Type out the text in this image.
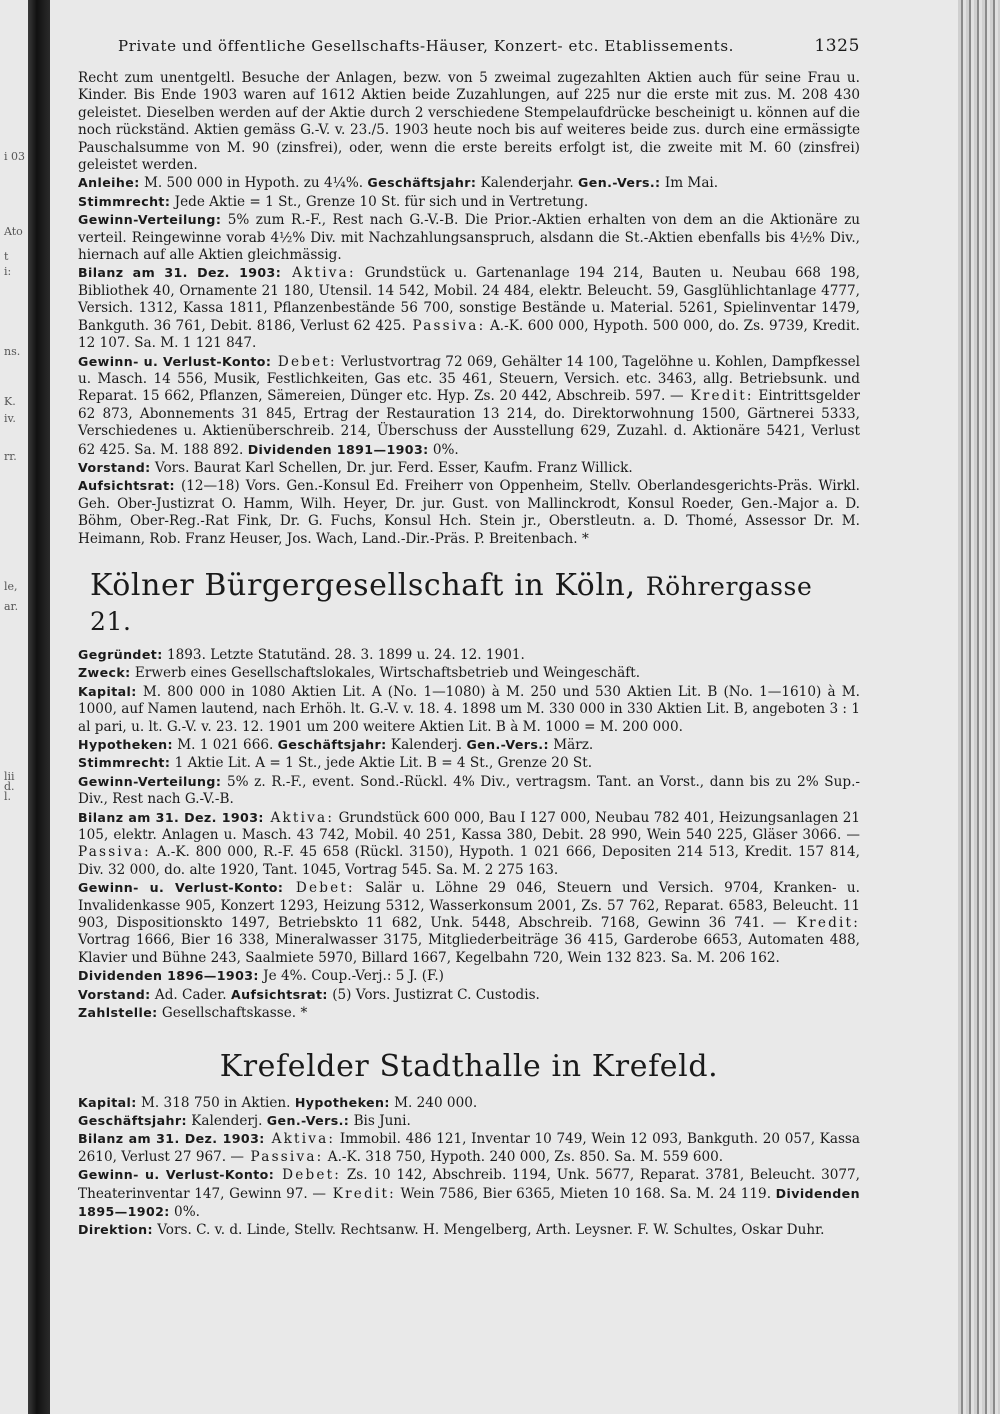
i 03
Ato
t
i:
ns.
K.
iv.
rr.
le,
ar.
lii
d.
l.
Private und öffentliche Gesellschafts-Häuser, Konzert- etc. Etablissements.	1325

Recht zum unentgeltl. Besuche der Anlagen, bezw. von 5 zweimal zugezahlten Aktien auch für seine Frau u. Kinder. Bis Ende 1903 waren auf 1612 Aktien beide Zuzahlungen, auf 225 nur die erste mit zus. M. 208 430 geleistet. Dieselben werden auf der Aktie durch 2 verschiedene Stempelaufdrücke bescheinigt u. können auf die noch rückständ. Aktien gemäss G.-V. v. 23./5. 1903 heute noch bis auf weiteres beide zus. durch eine ermässigte Pauschalsumme von M. 90 (zinsfrei), oder, wenn die erste bereits erfolgt ist, die zweite mit M. 60 (zinsfrei) geleistet werden.

Anleihe: M. 500 000 in Hypoth. zu 4¼%. Geschäftsjahr: Kalenderjahr. Gen.-Vers.: Im Mai.

Stimmrecht: Jede Aktie = 1 St., Grenze 10 St. für sich und in Vertretung.

Gewinn-Verteilung: 5% zum R.-F., Rest nach G.-V.-B. Die Prior.-Aktien erhalten von dem an die Aktionäre zu verteil. Reingewinne vorab 4½% Div. mit Nachzahlungsanspruch, alsdann die St.-Aktien ebenfalls bis 4½% Div., hiernach auf alle Aktien gleichmässig.

Bilanz am 31. Dez. 1903: Aktiva: Grundstück u. Gartenanlage 194 214, Bauten u. Neubau 668 198, Bibliothek 40, Ornamente 21 180, Utensil. 14 542, Mobil. 24 484, elektr. Beleucht. 59, Gasglühlichtanlage 4777, Versich. 1312, Kassa 1811, Pflanzenbestände 56 700, sonstige Bestände u. Material. 5261, Spielinventar 1479, Bankguth. 36 761, Debit. 8186, Verlust 62 425. Passiva: A.-K. 600 000, Hypoth. 500 000, do. Zs. 9739, Kredit. 12 107. Sa. M. 1 121 847.

Gewinn- u. Verlust-Konto: Debet: Verlustvortrag 72 069, Gehälter 14 100, Tagelöhne u. Kohlen, Dampfkessel u. Masch. 14 556, Musik, Festlichkeiten, Gas etc. 35 461, Steuern, Versich. etc. 3463, allg. Betriebsunk. und Reparat. 15 662, Pflanzen, Sämereien, Dünger etc. Hyp. Zs. 20 442, Abschreib. 597. — Kredit: Eintrittsgelder 62 873, Abonnements 31 845, Ertrag der Restauration 13 214, do. Direktorwohnung 1500, Gärtnerei 5333, Verschiedenes u. Aktienüberschreib. 214, Überschuss der Ausstellung 629, Zuzahl. d. Aktionäre 5421, Verlust 62 425. Sa. M. 188 892. Dividenden 1891—1903: 0%.

Vorstand: Vors. Baurat Karl Schellen, Dr. jur. Ferd. Esser, Kaufm. Franz Willick.

Aufsichtsrat: (12—18) Vors. Gen.-Konsul Ed. Freiherr von Oppenheim, Stellv. Oberlandesgerichts-Präs. Wirkl. Geh. Ober-Justizrat O. Hamm, Wilh. Heyer, Dr. jur. Gust. von Mallinckrodt, Konsul Roeder, Gen.-Major a. D. Böhm, Ober-Reg.-Rat Fink, Dr. G. Fuchs, Konsul Hch. Stein jr., Oberstleutn. a. D. Thomé, Assessor Dr. M. Heimann, Rob. Franz Heuser, Jos. Wach, Land.-Dir.-Präs. P. Breitenbach. *

Kölner Bürgergesellschaft in Köln, Röhrergasse 21.

Gegründet: 1893. Letzte Statutänd. 28. 3. 1899 u. 24. 12. 1901.

Zweck: Erwerb eines Gesellschaftslokales, Wirtschaftsbetrieb und Weingeschäft.

Kapital: M. 800 000 in 1080 Aktien Lit. A (No. 1—1080) à M. 250 und 530 Aktien Lit. B (No. 1—1610) à M. 1000, auf Namen lautend, nach Erhöh. lt. G.-V. v. 18. 4. 1898 um M. 330 000 in 330 Aktien Lit. B, angeboten 3 : 1 al pari, u. lt. G.-V. v. 23. 12. 1901 um 200 weitere Aktien Lit. B à M. 1000 = M. 200 000.

Hypotheken: M. 1 021 666. Geschäftsjahr: Kalenderj. Gen.-Vers.: März.

Stimmrecht: 1 Aktie Lit. A = 1 St., jede Aktie Lit. B = 4 St., Grenze 20 St.

Gewinn-Verteilung: 5% z. R.-F., event. Sond.-Rückl. 4% Div., vertragsm. Tant. an Vorst., dann bis zu 2% Sup.-Div., Rest nach G.-V.-B.

Bilanz am 31. Dez. 1903: Aktiva: Grundstück 600 000, Bau I 127 000, Neubau 782 401, Heizungsanlagen 21 105, elektr. Anlagen u. Masch. 43 742, Mobil. 40 251, Kassa 380, Debit. 28 990, Wein 540 225, Gläser 3066. — Passiva: A.-K. 800 000, R.-F. 45 658 (Rückl. 3150), Hypoth. 1 021 666, Depositen 214 513, Kredit. 157 814, Div. 32 000, do. alte 1920, Tant. 1045, Vortrag 545. Sa. M. 2 275 163.

Gewinn- u. Verlust-Konto: Debet: Salär u. Löhne 29 046, Steuern und Versich. 9704, Kranken- u. Invalidenkasse 905, Konzert 1293, Heizung 5312, Wasserkonsum 2001, Zs. 57 762, Reparat. 6583, Beleucht. 11 903, Dispositionskto 1497, Betriebskto 11 682, Unk. 5448, Abschreib. 7168, Gewinn 36 741. — Kredit: Vortrag 1666, Bier 16 338, Mineralwasser 3175, Mitgliederbeiträge 36 415, Garderobe 6653, Automaten 488, Klavier und Bühne 243, Saalmiete 5970, Billard 1667, Kegelbahn 720, Wein 132 823. Sa. M. 206 162.

Dividenden 1896—1903: Je 4%. Coup.-Verj.: 5 J. (F.)

Vorstand: Ad. Cader. Aufsichtsrat: (5) Vors. Justizrat C. Custodis.

Zahlstelle: Gesellschaftskasse. *

Krefelder Stadthalle in Krefeld.

Kapital: M. 318 750 in Aktien. Hypotheken: M. 240 000.

Geschäftsjahr: Kalenderj. Gen.-Vers.: Bis Juni.

Bilanz am 31. Dez. 1903: Aktiva: Immobil. 486 121, Inventar 10 749, Wein 12 093, Bankguth. 20 057, Kassa 2610, Verlust 27 967. — Passiva: A.-K. 318 750, Hypoth. 240 000, Zs. 850. Sa. M. 559 600.

Gewinn- u. Verlust-Konto: Debet: Zs. 10 142, Abschreib. 1194, Unk. 5677, Reparat. 3781, Beleucht. 3077, Theaterinventar 147, Gewinn 97. — Kredit: Wein 7586, Bier 6365, Mieten 10 168. Sa. M. 24 119. Dividenden 1895—1902: 0%.

Direktion: Vors. C. v. d. Linde, Stellv. Rechtsanw. H. Mengelberg, Arth. Leysner. F. W. Schultes, Oskar Duhr.
